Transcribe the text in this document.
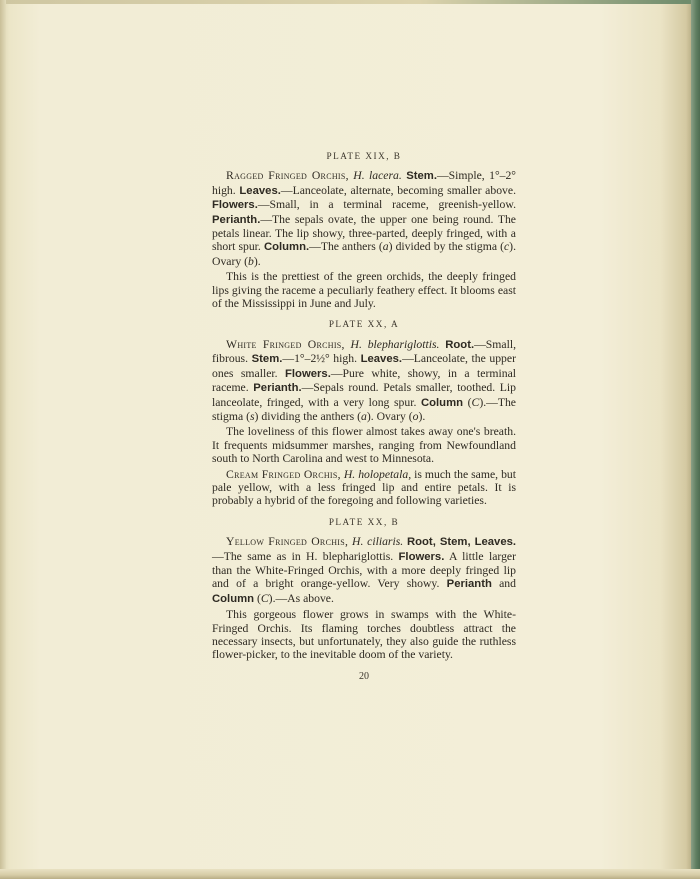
PLATE XIX, B

Ragged Fringed Orchis, H. lacera. Stem.—Simple, 1°–2° high. Leaves.—Lanceolate, alternate, becoming smaller above. Flowers.—Small, in a terminal raceme, greenish-yellow. Perianth.—The sepals ovate, the upper one being round. The petals linear. The lip showy, three-parted, deeply fringed, with a short spur. Column.—The anthers (a) divided by the stigma (c). Ovary (b).

This is the prettiest of the green orchids, the deeply fringed lips giving the raceme a peculiarly feathery effect. It blooms east of the Mississippi in June and July.

PLATE XX, A

White Fringed Orchis, H. blephariglottis. Root.—Small, fibrous. Stem.—1°–2½° high. Leaves.—Lanceolate, the upper ones smaller. Flowers.—Pure white, showy, in a terminal raceme. Perianth.—Sepals round. Petals smaller, toothed. Lip lanceolate, fringed, with a very long spur. Column (C).—The stigma (s) dividing the anthers (a). Ovary (o).

The loveliness of this flower almost takes away one's breath. It frequents midsummer marshes, ranging from Newfoundland south to North Carolina and west to Minnesota.

Cream Fringed Orchis, H. holopetala, is much the same, but pale yellow, with a less fringed lip and entire petals. It is probably a hybrid of the foregoing and following varieties.

PLATE XX, B

Yellow Fringed Orchis, H. ciliaris. Root, Stem, Leaves.—The same as in H. blephariglottis. Flowers. A little larger than the White-Fringed Orchis, with a more deeply fringed lip and of a bright orange-yellow. Very showy. Perianth and Column (C).—As above.

This gorgeous flower grows in swamps with the White-Fringed Orchis. Its flaming torches doubtless attract the necessary insects, but unfortunately, they also guide the ruthless flower-picker, to the inevitable doom of the variety.

20
